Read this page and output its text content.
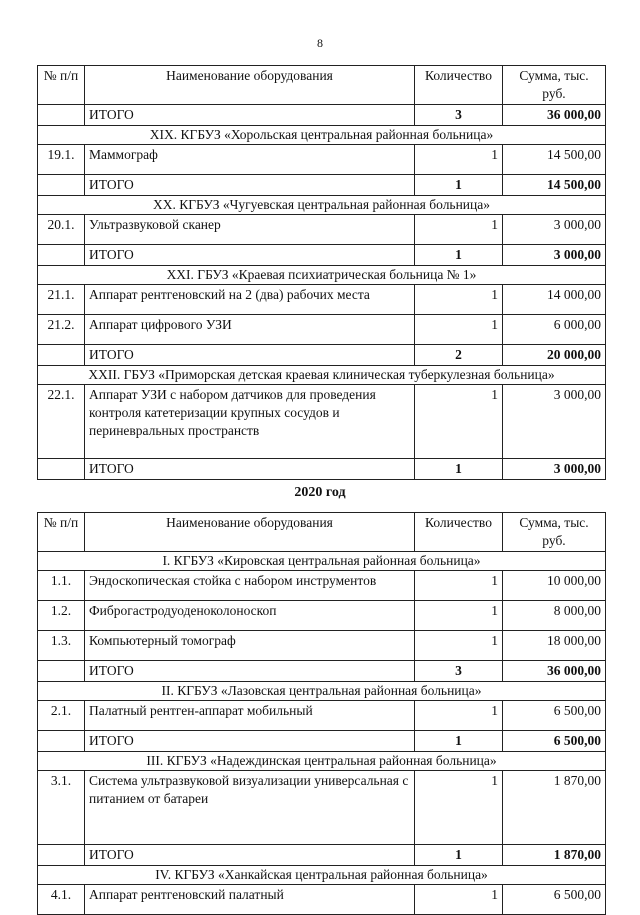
8
№ п/п	Наименование оборудования	Количество	Сумма, тыс. руб.
	ИТОГО	3	36 000,00
XIX. КГБУЗ «Хорольская центральная районная больница»			
19.1.	Маммограф	1	14 500,00
	ИТОГО	1	14 500,00
XX. КГБУЗ «Чугуевская центральная районная больница»			
20.1.	Ультразвуковой сканер	1	3 000,00
	ИТОГО	1	3 000,00
XXI. ГБУЗ «Краевая психиатрическая больница № 1»			
21.1.	Аппарат рентгеновский на 2 (два) рабочих места	1	14 000,00
21.2.	Аппарат цифрового УЗИ	1	6 000,00
	ИТОГО	2	20 000,00
XXII. ГБУЗ «Приморская детская краевая клиническая туберкулезная больница»			
22.1.	Аппарат УЗИ с набором датчиков для проведения контроля катетеризации крупных сосудов и периневральных пространств	1	3 000,00
	ИТОГО	1	3 000,00
2020 год
№ п/п	Наименование оборудования	Количество	Сумма, тыс. руб.
I. КГБУЗ «Кировская центральная районная больница»			
1.1.	Эндоскопическая стойка с набором инструментов	1	10 000,00
1.2.	Фиброгастродуоденоколоноскоп	1	8 000,00
1.3.	Компьютерный томограф	1	18 000,00
	ИТОГО	3	36 000,00
II. КГБУЗ «Лазовская центральная районная больница»			
2.1.	Палатный рентген-аппарат мобильный	1	6 500,00
	ИТОГО	1	6 500,00
III. КГБУЗ «Надеждинская центральная районная больница»			
3.1.	Система ультразвуковой визуализации универсальная с питанием от батареи	1	1 870,00
	ИТОГО	1	1 870,00
IV. КГБУЗ «Ханкайская центральная районная больница»			
4.1.	Аппарат рентгеновский палатный	1	6 500,00
